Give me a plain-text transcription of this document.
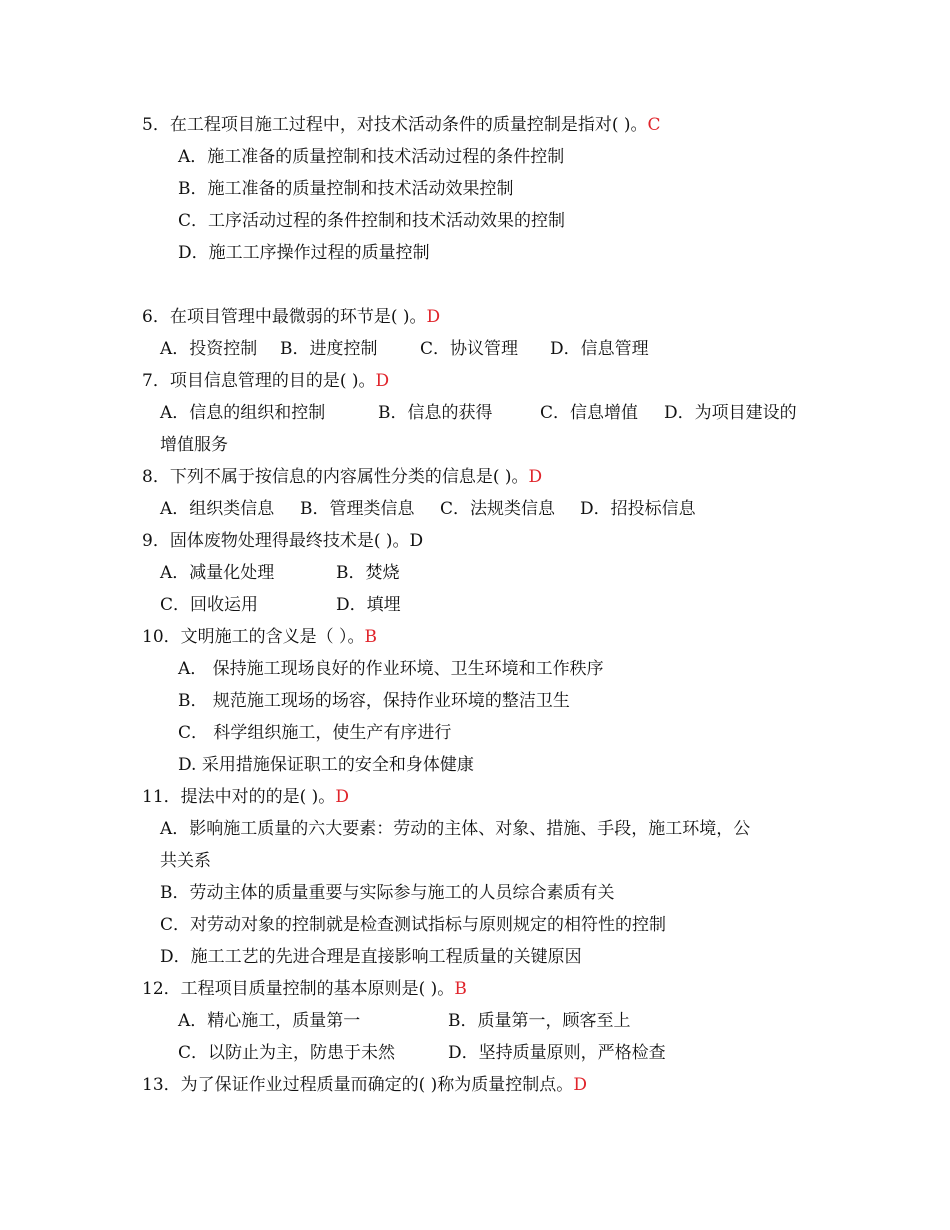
5．在工程项目施工过程中，对技术活动条件的质量控制是指对( )。C
A．施工准备的质量控制和技术活动过程的条件控制
B．施工准备的质量控制和技术活动效果控制
C．工序活动过程的条件控制和技术活动效果的控制
D．施工工序操作过程的质量控制
6．在项目管理中最微弱的环节是( )。D
A．投资控制 B．进度控制	C．协议管理 D．信息管理
7．项目信息管理的目的是( )。D
A．信息的组织和控制	B．信息的获得	C．信息增值 D．为项目建设的
增值服务
8．下列不属于按信息的内容属性分类的信息是( )。D
A．组织类信息 B．管理类信息 C．法规类信息 D．招投标信息
9．固体废物处理得最终技术是( )。D
A．减量化处理	B．焚烧
C．回收运用	D．填埋
10．文明施工的含义是（ ）。B
A． 保持施工现场良好的作业环境、卫生环境和工作秩序
B． 规范施工现场的场容，保持作业环境的整洁卫生
C． 科学组织施工，使生产有序进行
D. 采用措施保证职工的安全和身体健康
11．提法中对的的是( )。D
A．影响施工质量的六大要素：劳动的主体、对象、措施、手段，施工环境，公
共关系
B．劳动主体的质量重要与实际参与施工的人员综合素质有关
C．对劳动对象的控制就是检查测试指标与原则规定的相符性的控制
D．施工工艺的先进合理是直接影响工程质量的关键原因
12．工程项目质量控制的基本原则是( )。B
A．精心施工，质量第一	B．质量第一，顾客至上
C．以防止为主，防患于未然	D．坚持质量原则，严格检查
13．为了保证作业过程质量而确定的( )称为质量控制点。D
